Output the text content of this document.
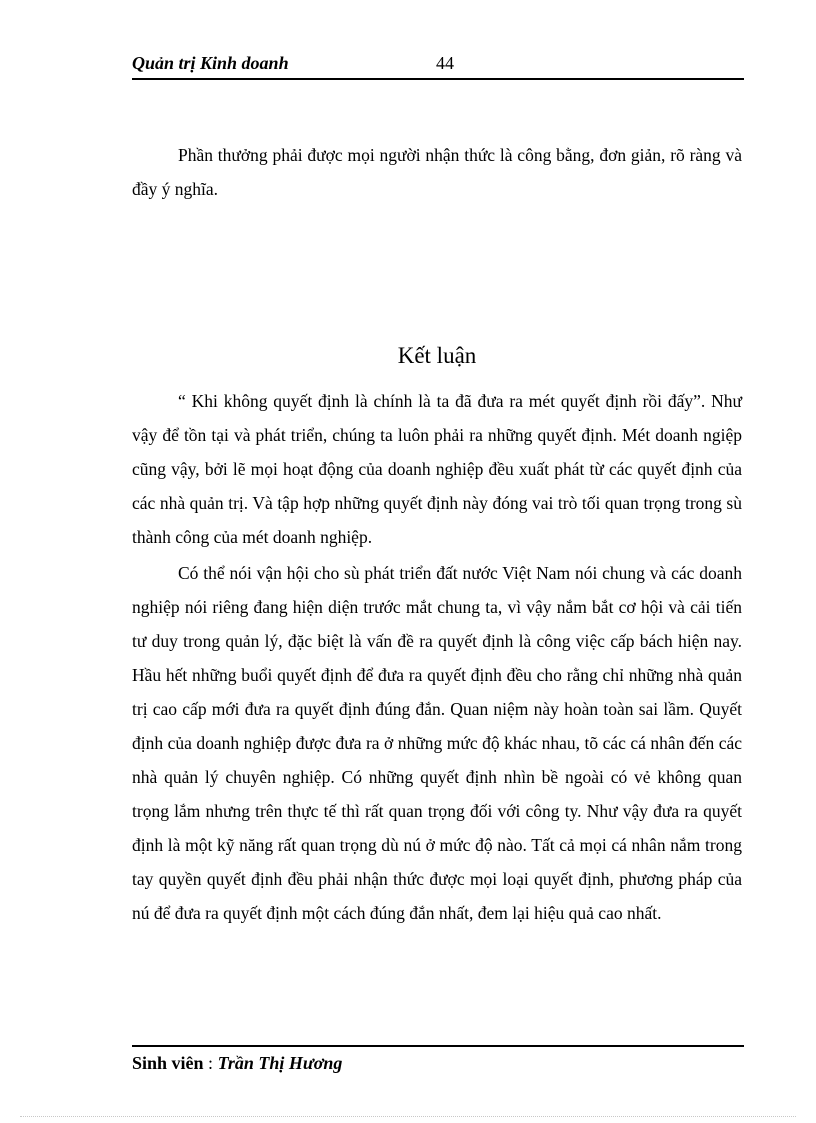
Quản trị Kinh doanh	44

Phần thưởng phải được mọi người nhận thức là công bằng, đơn giản, rõ ràng và đầy ý nghĩa.

Kết luận

“ Khi không quyết định là chính là ta đã đưa ra mét quyết định rồi đấy”. Như vậy để tồn tại và phát triển, chúng ta luôn phải ra những quyết định. Mét doanh ngiệp cũng vậy, bởi lẽ mọi hoạt động của doanh nghiệp đều xuất phát từ các quyết định của các nhà quản trị. Và tập hợp những quyết định này đóng vai trò tối quan trọng trong sù thành công của mét doanh nghiệp.

Có thể nói vận hội cho sù phát triển đất nước Việt Nam nói chung và các doanh nghiệp nói riêng đang hiện diện trước mắt chung ta, vì vậy nắm bắt cơ hội và cải tiến tư duy trong quản lý, đặc biệt là vấn đề ra quyết định là công việc cấp bách hiện nay. Hầu hết những buổi quyết định để đưa ra quyết định đều cho rằng chỉ những nhà quản trị cao cấp mới đưa ra quyết định đúng đắn. Quan niệm này hoàn toàn sai lầm. Quyết định của doanh nghiệp được đưa ra ở những mức độ khác nhau, tõ các cá nhân đến các nhà quản lý chuyên nghiệp. Có những quyết định nhìn bề ngoài có vẻ không quan trọng lắm nhưng trên thực tế thì rất quan trọng đối với công ty. Như vậy đưa ra quyết định là một kỹ năng rất quan trọng dù nú ở mức độ nào. Tất cả mọi cá nhân nắm trong tay quyền quyết định đều phải nhận thức được mọi loại quyết định, phương pháp của nú để đưa ra quyết định một cách đúng đắn nhất, đem lại hiệu quả cao nhất.

Sinh viên : Trần Thị Hương
